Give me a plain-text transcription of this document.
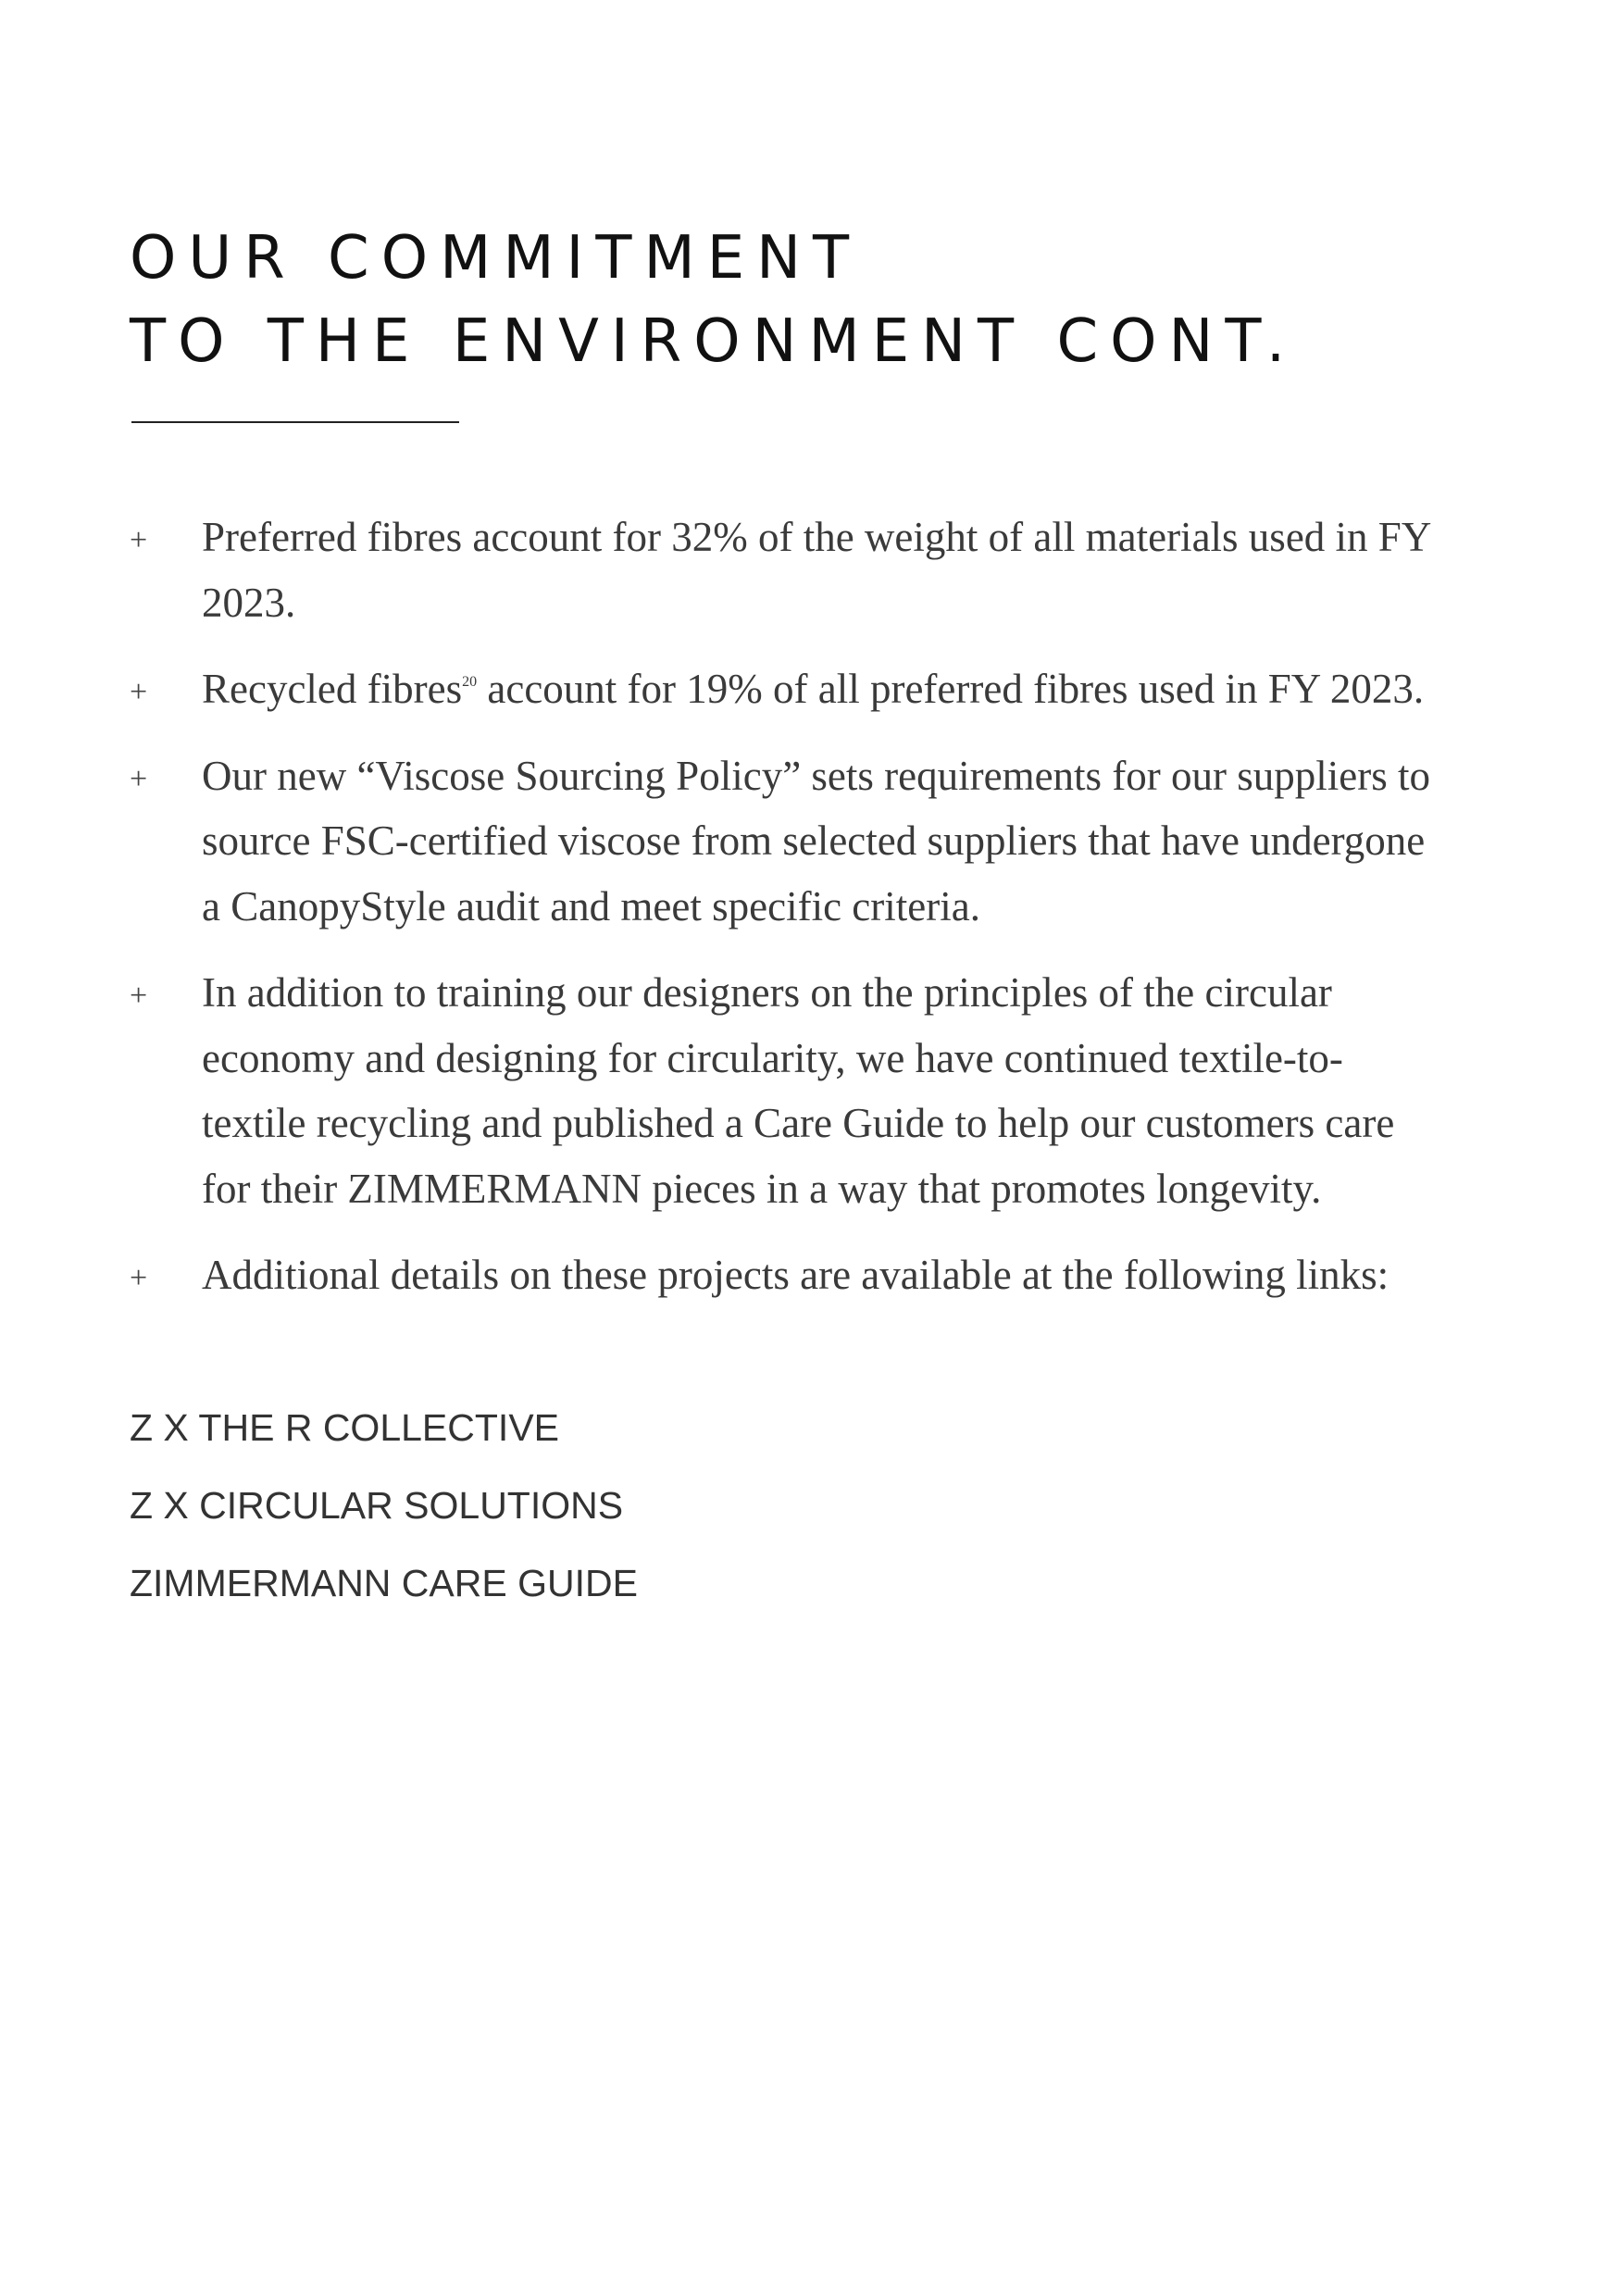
OUR COMMITMENT
TO THE ENVIRONMENT CONT.
+ Preferred fibres account for 32% of the weight of all materials used in FY 2023.
+ Recycled fibres$^{20}$ account for 19% of all preferred fibres used in FY 2023.
+ Our new “Viscose Sourcing Policy” sets requirements for our suppliers to source FSC-certified viscose from selected suppliers that have undergone a CanopyStyle audit and meet specific criteria.
+ In addition to training our designers on the principles of the circular economy and designing for circularity, we have continued textile-to-textile recycling and published a Care Guide to help our customers care for their ZIMMERMANN pieces in a way that promotes longevity.
+ Additional details on these projects are available at the following links:
Z X THE R COLLECTIVE
Z X CIRCULAR SOLUTIONS
ZIMMERMANN CARE GUIDE
